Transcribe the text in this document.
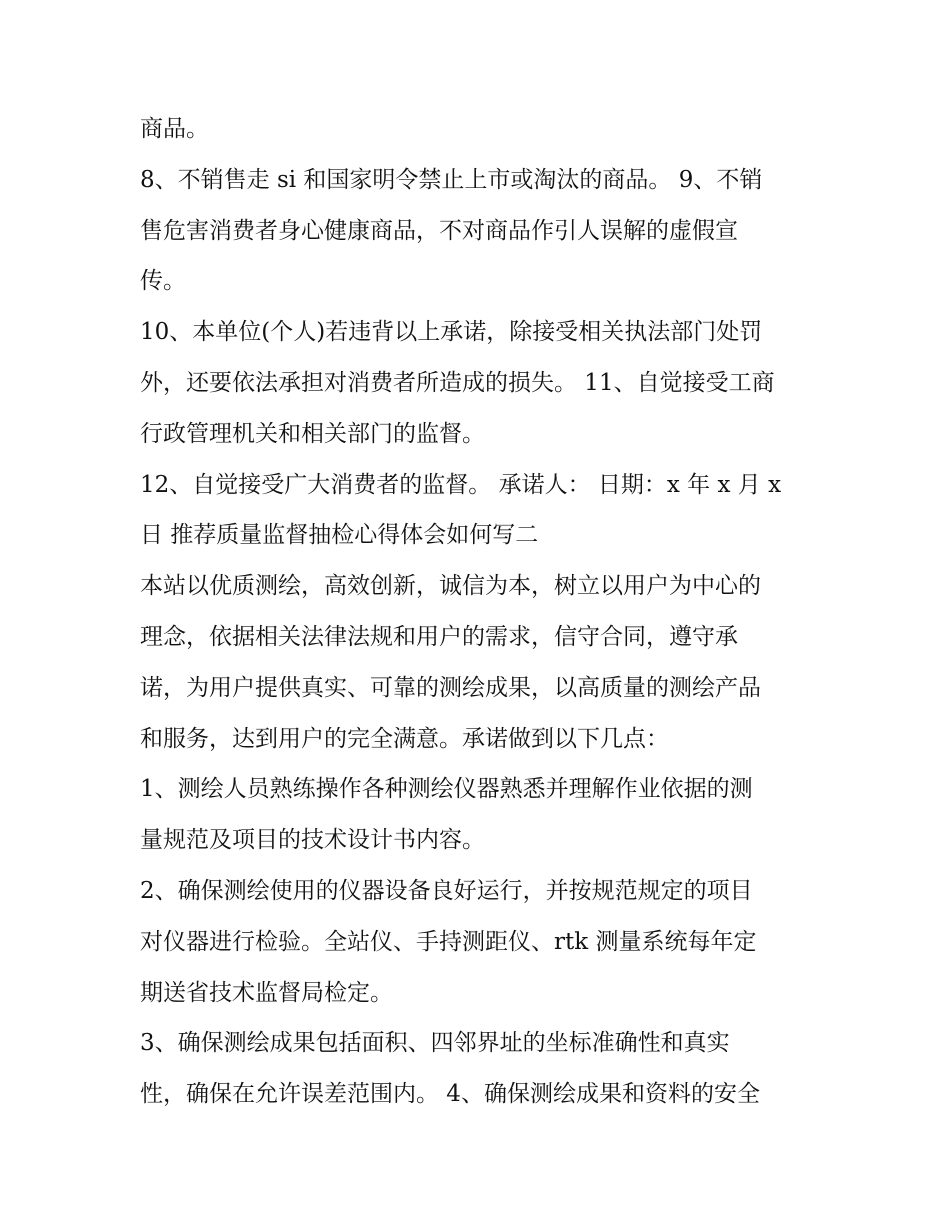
商品。
8、不销售走 si 和国家明令禁止上市或淘汰的商品。 9、不销
售危害消费者身心健康商品，不对商品作引人误解的虚假宣
传。
10、本单位(个人)若违背以上承诺，除接受相关执法部门处罚
外，还要依法承担对消费者所造成的损失。 11、自觉接受工商
行政管理机关和相关部门的监督。
12、自觉接受广大消费者的监督。 承诺人： 日期：x 年 x 月 x
日 推荐质量监督抽检心得体会如何写二
本站以优质测绘，高效创新，诚信为本，树立以用户为中心的
理念，依据相关法律法规和用户的需求，信守合同，遵守承
诺，为用户提供真实、可靠的测绘成果，以高质量的测绘产品
和服务，达到用户的完全满意。承诺做到以下几点：
1、测绘人员熟练操作各种测绘仪器熟悉并理解作业依据的测
量规范及项目的技术设计书内容。
2、确保测绘使用的仪器设备良好运行，并按规范规定的项目
对仪器进行检验。全站仪、手持测距仪、rtk 测量系统每年定
期送省技术监督局检定。
3、确保测绘成果包括面积、四邻界址的坐标准确性和真实
性，确保在允许误差范围内。 4、确保测绘成果和资料的安全
